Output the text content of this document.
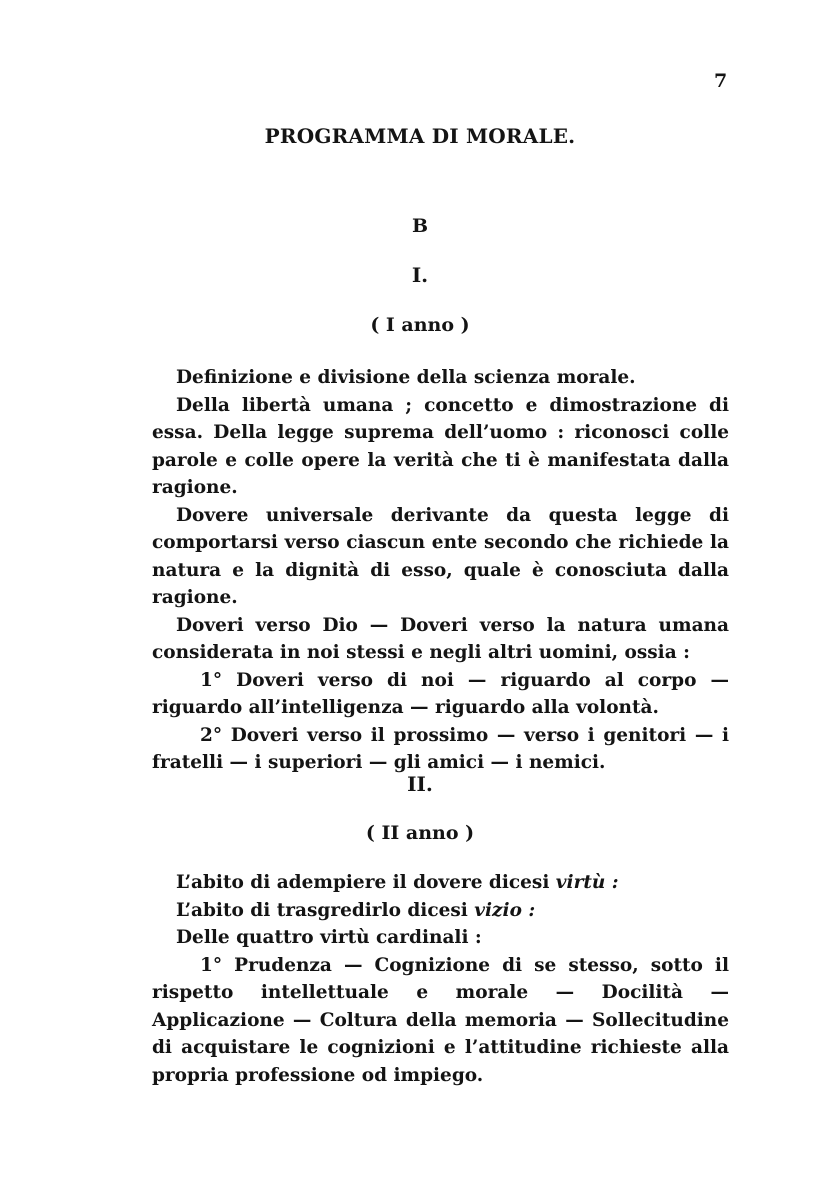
7
PROGRAMMA DI MORALE.
B
I.
( I anno )

Definizione e divisione della scienza morale.

Della libertà umana ; concetto e dimostrazione di essa. Della legge suprema dell’uomo : riconosci colle parole e colle opere la verità che ti è manifestata dalla ragione.

Dovere universale derivante da questa legge di comportarsi verso ciascun ente secondo che richiede la natura e la dignità di esso, quale è conosciuta dalla ragione.

Doveri verso Dio — Doveri verso la natura umana considerata in noi stessi e negli altri uomini, ossia :

1° Doveri verso di noi — riguardo al corpo — riguardo all’intelligenza — riguardo alla volontà.

2° Doveri verso il prossimo — verso i genitori — i fratelli — i superiori — gli amici — i nemici.

II.
( II anno )

L’abito di adempiere il dovere dicesi virtù :

L’abito di trasgredirlo dicesi vizio :

Delle quattro virtù cardinali :

1° Prudenza — Cognizione di se stesso, sotto il rispetto intellettuale e morale — Docilità — Applicazione — Coltura della memoria — Sollecitudine di acquistare le cognizioni e l’attitudine richieste alla propria professione od impiego.
